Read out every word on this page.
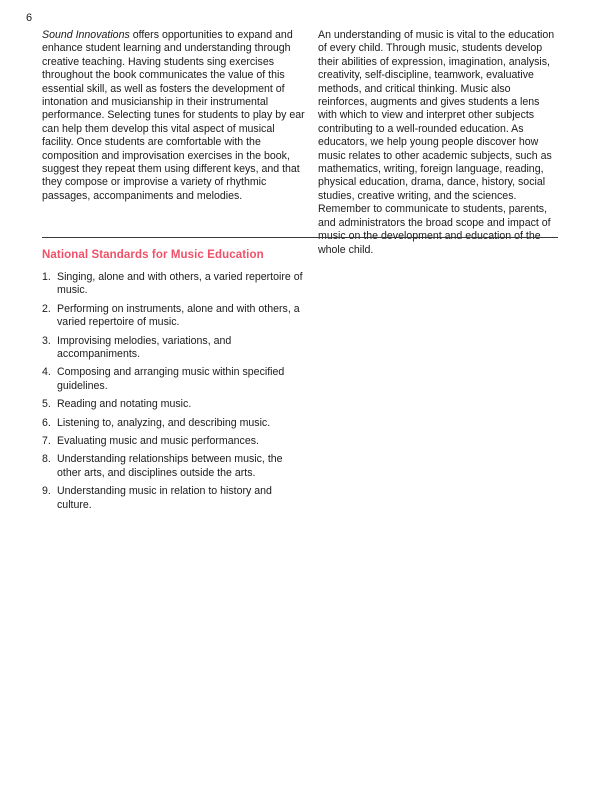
6

Sound Innovations offers opportunities to expand and enhance student learning and understanding through creative teaching. Having students sing exercises throughout the book communicates the value of this essential skill, as well as fosters the development of intonation and musicianship in their instrumental performance. Selecting tunes for students to play by ear can help them develop this vital aspect of musical facility. Once students are comfortable with the composition and improvisation exercises in the book, suggest they repeat them using different keys, and that they compose or improvise a variety of rhythmic passages, accompaniments and melodies.

An understanding of music is vital to the education of every child. Through music, students develop their abilities of expression, imagination, analysis, creativity, self-discipline, teamwork, evaluative methods, and critical thinking. Music also reinforces, augments and gives students a lens with which to view and interpret other subjects contributing to a well-rounded education. As educators, we help young people discover how music relates to other academic subjects, such as mathematics, writing, foreign language, reading, physical education, drama, dance, history, social studies, creative writing, and the sciences. Remember to communicate to students, parents, and administrators the broad scope and impact of music on the development and education of the whole child.

National Standards for Music Education
1. Singing, alone and with others, a varied repertoire of music.
2. Performing on instruments, alone and with others, a varied repertoire of music.
3. Improvising melodies, variations, and accompaniments.
4. Composing and arranging music within specified guidelines.
5. Reading and notating music.
6. Listening to, analyzing, and describing music.
7. Evaluating music and music performances.
8. Understanding relationships between music, the other arts, and disciplines outside the arts.
9. Understanding music in relation to history and culture.
